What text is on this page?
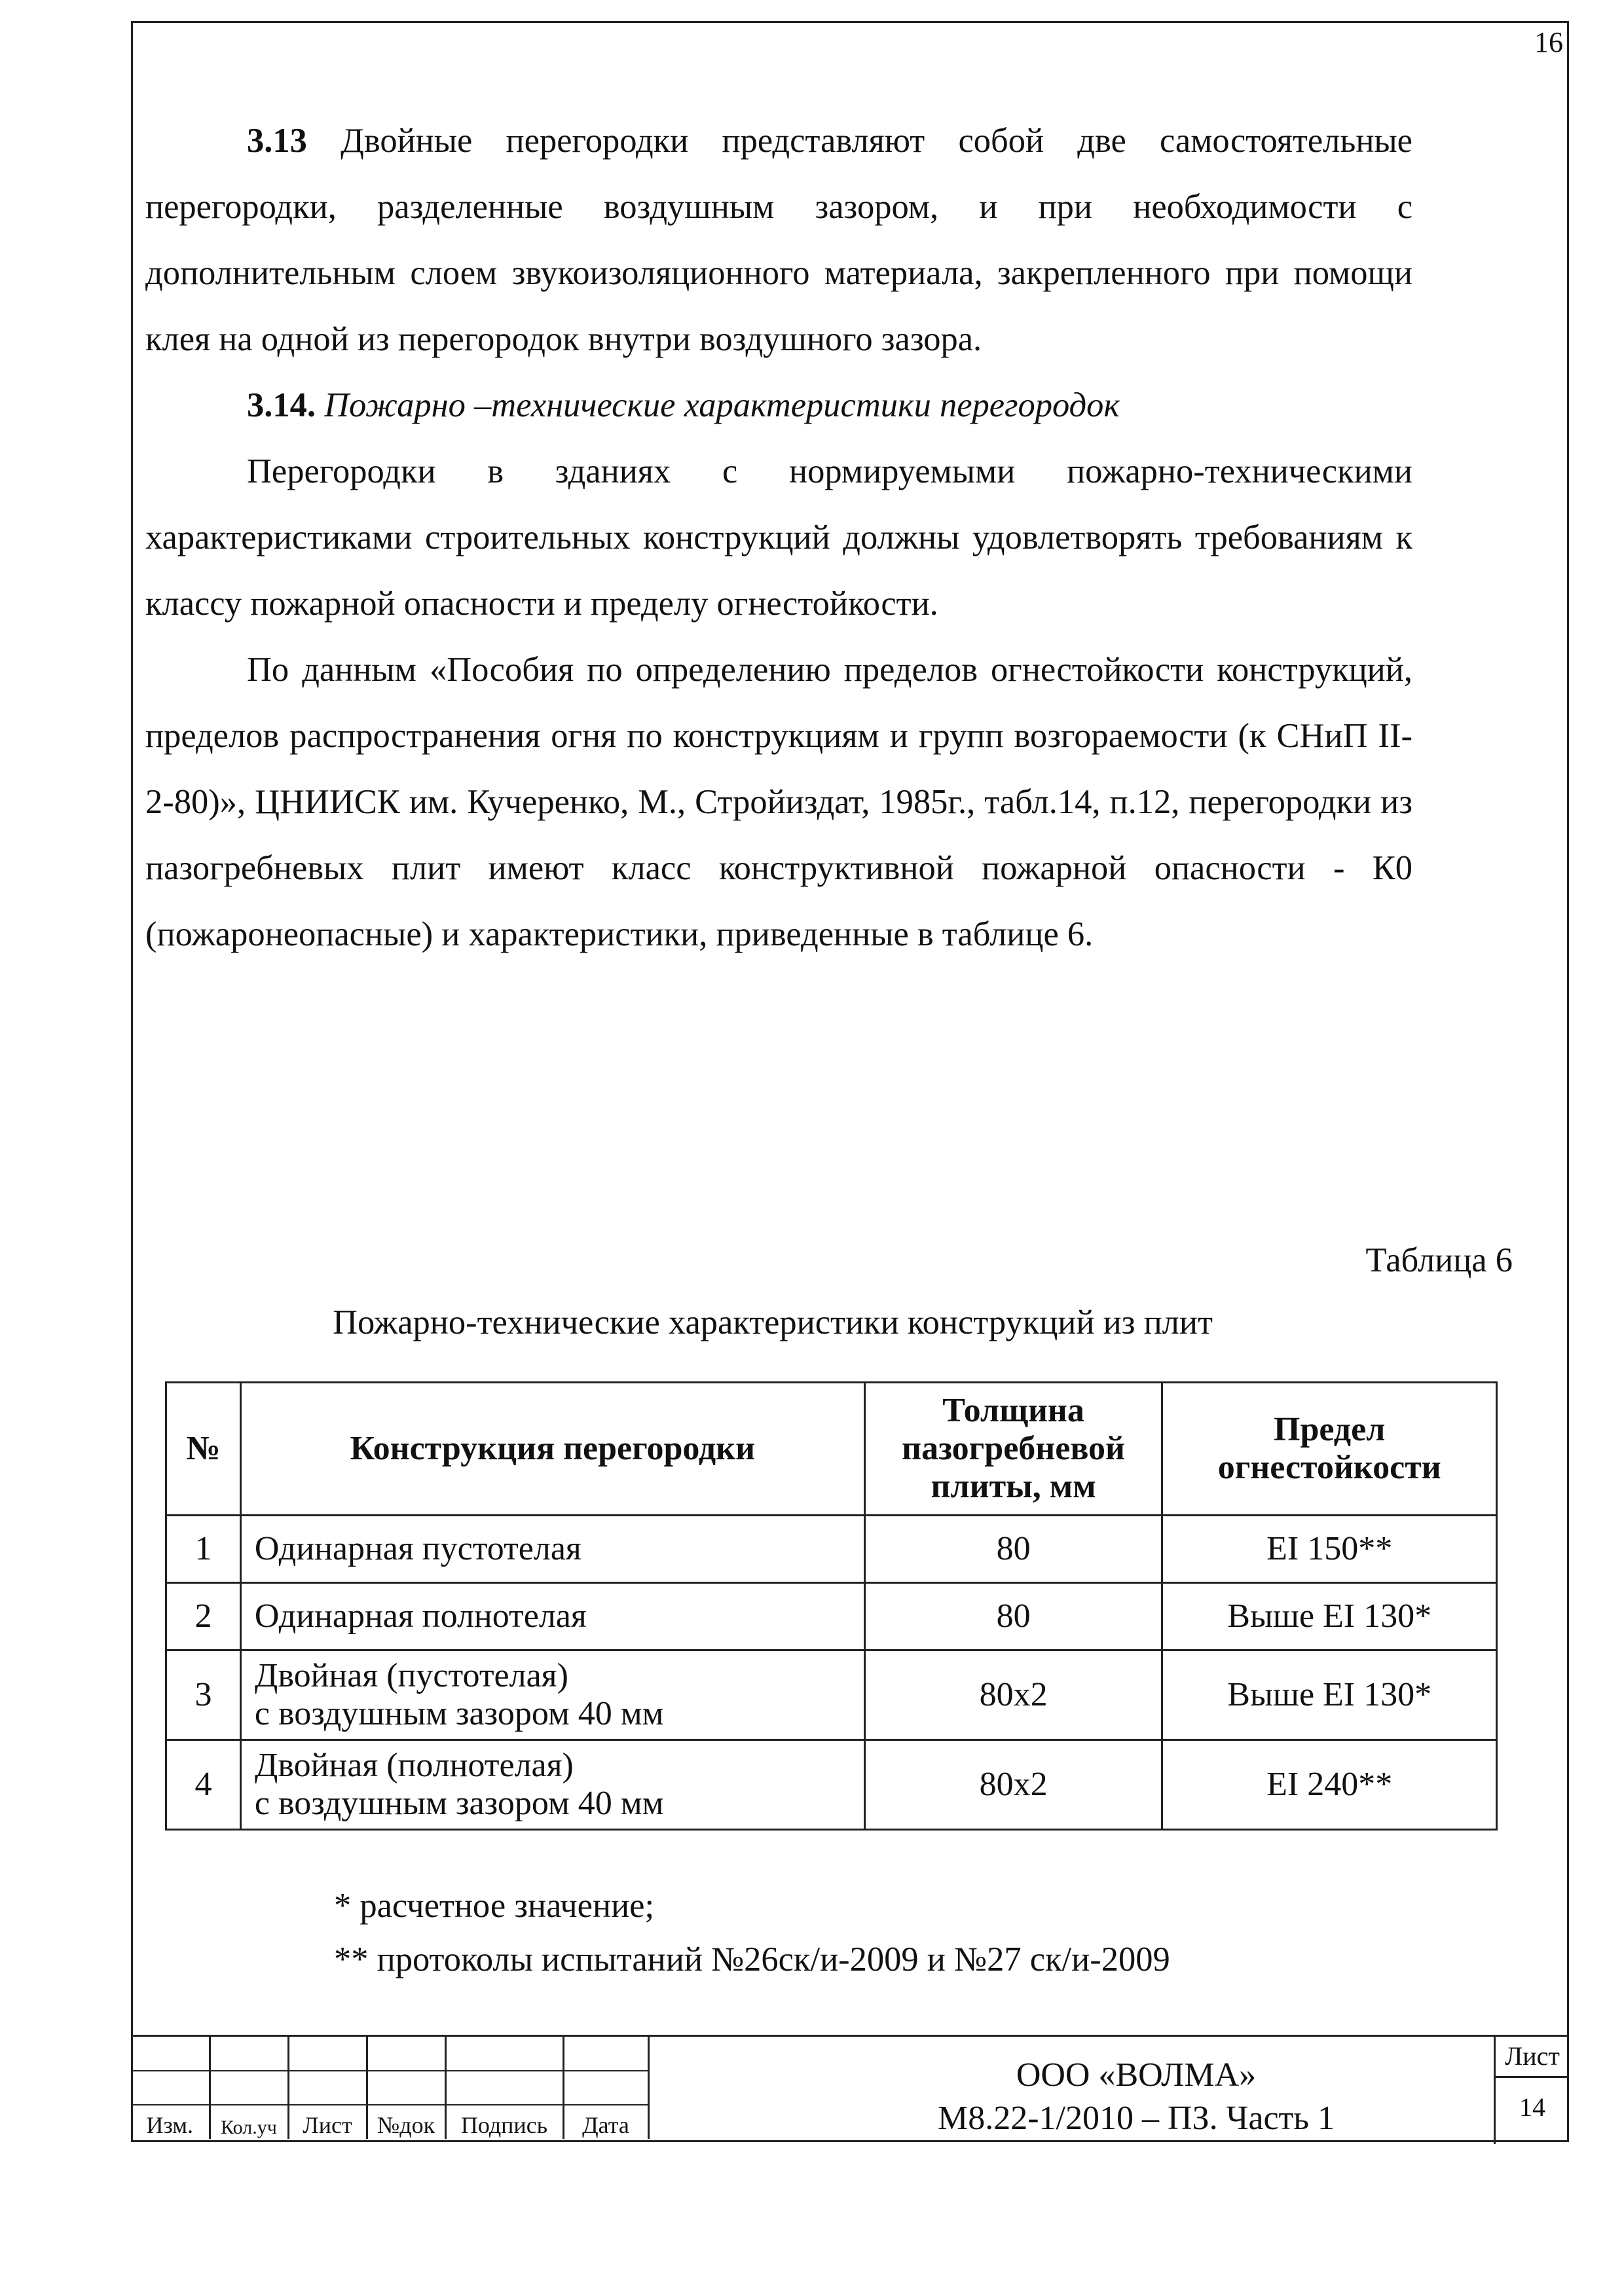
16

3.13 Двойные перегородки представляют собой две самостоятельные перегородки, разделенные воздушным зазором, и при необходимости с дополнительным слоем звукоизоляционного материала, закрепленного при помощи клея на одной из перегородок внутри воздушного зазора.

3.14. Пожарно –технические характеристики перегородок

Перегородки в зданиях с нормируемыми пожарно-техническими характеристиками строительных конструкций должны удовлетворять требованиям к классу пожарной опасности и пределу огнестойкости.

По данным «Пособия по определению пределов огнестойкости конструкций, пределов распространения огня по конструкциям и групп возгораемости (к СНиП II-2-80)», ЦНИИСК им. Кучеренко, М., Стройиздат, 1985г., табл.14, п.12, перегородки из пазогребневых плит имеют класс конструктивной пожарной опасности - К0 (пожаронеопасные) и характеристики, приведенные в таблице 6.

Таблица 6
Пожарно-технические характеристики конструкций из плит
№	Конструкция перегородки	Толщина пазогребневой плиты, мм	Предел огнестойкости
1	Одинарная пустотелая	80	EI 150**
2	Одинарная полнотелая	80	Выше EI 130*
3	Двойная (пустотелая)
с воздушным зазором 40 мм	80x2	Выше EI 130*
4	Двойная (полнотелая)
с воздушным зазором 40 мм	80x2	EI 240**
* расчетное значение;
** протоколы испытаний №26ск/и-2009 и №27 ск/и-2009

Изм.	Кол.уч	Лист	№док	Подпись	Дата
ООО «ВОЛМА»
М8.22-1/2010 – ПЗ. Часть 1
Лист
14
